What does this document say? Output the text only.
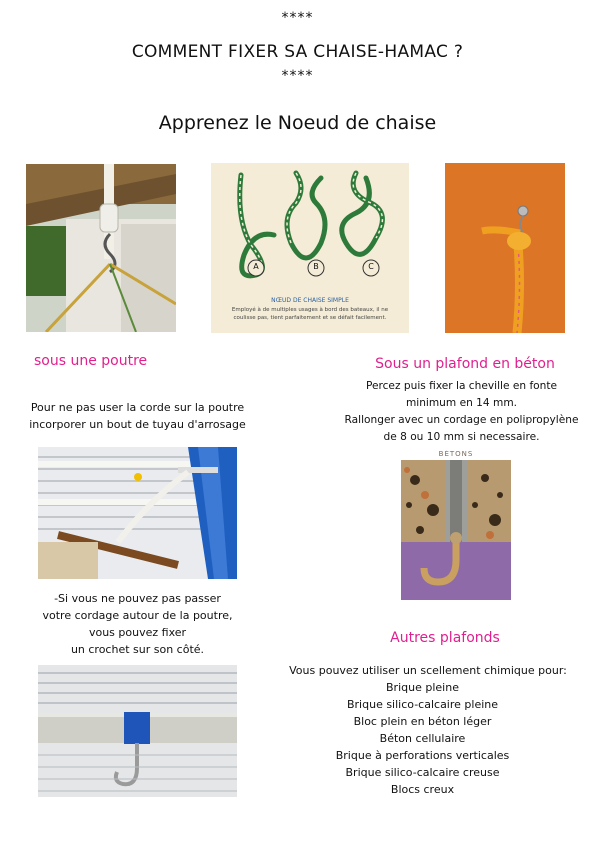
****
COMMENT FIXER SA CHAISE-HAMAC ?
****
Apprenez le Noeud de chaise
A	B	C
NŒUD DE CHAISE SIMPLE
Employé à de multiples usages à bord des bateaux, il ne
coulisse pas, tient parfaitement et se défait facilement.
sous une poutre
Pour ne pas user la corde sur la poutre
incorporer un bout de tuyau d'arrosage
-Si vous ne pouvez pas passer
votre cordage autour de la poutre,
vous pouvez fixer
un crochet sur son côté.
Sous un plafond en béton
Percez puis fixer la cheville en fonte
minimum en 14 mm.
Rallonger avec un cordage en polipropylène
de 8 ou 10 mm si necessaire.
BÉTONS
Autres plafonds
Vous pouvez utiliser un scellement chimique pour:
Brique pleine
Brique silico-calcaire pleine
Bloc plein en béton léger
Béton cellulaire
Brique à perforations verticales
Brique silico-calcaire creuse
Blocs creux
